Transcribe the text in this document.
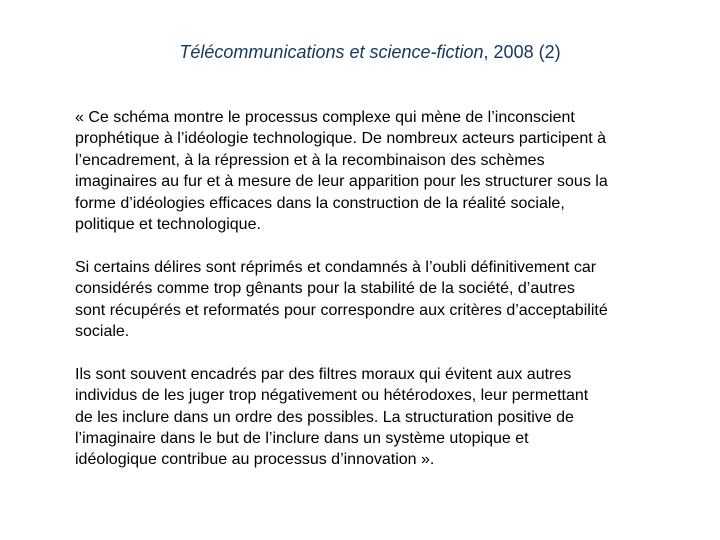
Télécommunications et science-fiction, 2008 (2)

« Ce schéma montre le processus complexe qui mène de l’inconscient
prophétique à l’idéologie technologique. De nombreux acteurs participent à
l’encadrement, à la répression et à la recombinaison des schèmes
imaginaires au fur et à mesure de leur apparition pour les structurer sous la
forme d’idéologies efficaces dans la construction de la réalité sociale,
politique et technologique.

Si certains délires sont réprimés et condamnés à l’oubli définitivement car
considérés comme trop gênants pour la stabilité de la société, d’autres
sont récupérés et reformatés pour correspondre aux critères d’acceptabilité
sociale.

Ils sont souvent encadrés par des filtres moraux qui évitent aux autres
individus de les juger trop négativement ou hétérodoxes, leur permettant
de les inclure dans un ordre des possibles. La structuration positive de
l’imaginaire dans le but de l’inclure dans un système utopique et
idéologique contribue au processus d’innovation ».
